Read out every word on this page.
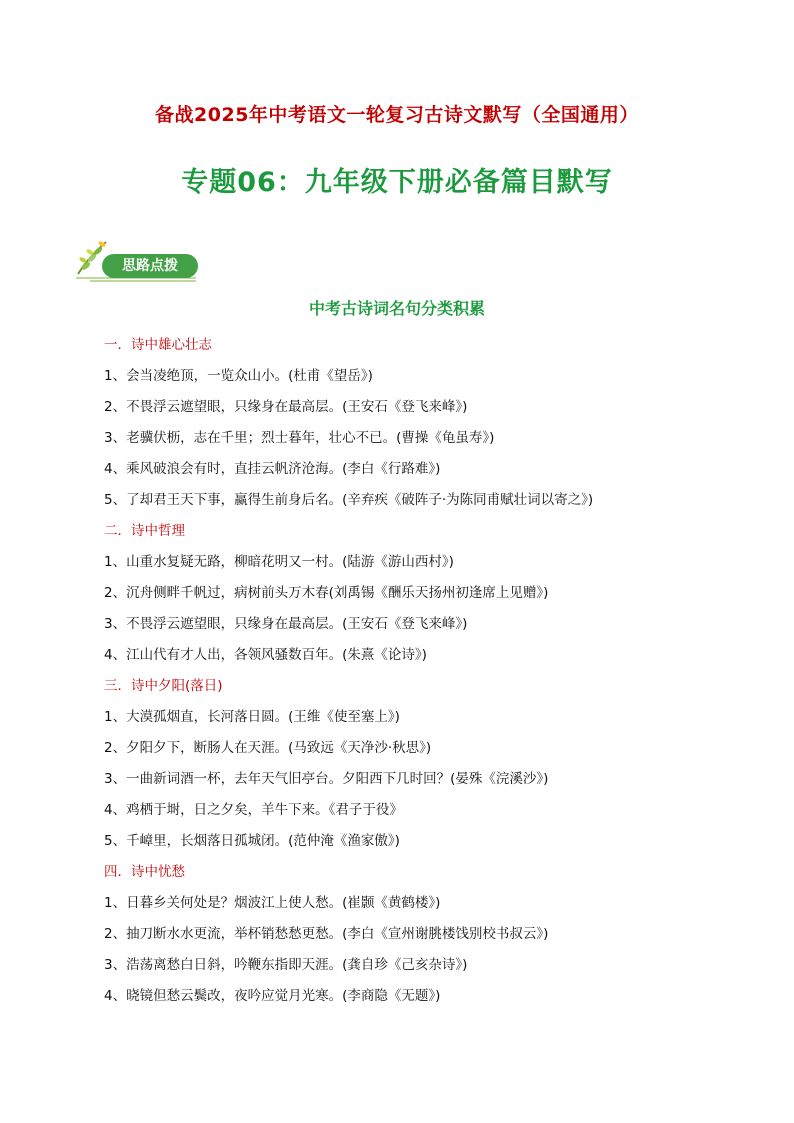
备战2025年中考语文一轮复习古诗文默写（全国通用）
专题06：九年级下册必备篇目默写
思路点拨
中考古诗词名句分类积累
一．诗中雄心壮志
1、会当凌绝顶，一览众山小。(杜甫《望岳》)
2、不畏浮云遮望眼，只缘身在最高层。(王安石《登飞来峰》)
3、老骥伏枥，志在千里；烈士暮年，壮心不已。(曹操《龟虽寿》)
4、乘风破浪会有时，直挂云帆济沧海。(李白《行路难》)
5、了却君王天下事，赢得生前身后名。(辛弃疾《破阵子·为陈同甫赋壮词以寄之》)
二．诗中哲理
1、山重水复疑无路，柳暗花明又一村。(陆游《游山西村》)
2、沉舟侧畔千帆过，病树前头万木春(刘禹锡《酬乐天扬州初逢席上见赠》)
3、不畏浮云遮望眼，只缘身在最高层。(王安石《登飞来峰》)
4、江山代有才人出，各领风骚数百年。(朱熹《论诗》)
三．诗中夕阳(落日)
1、大漠孤烟直，长河落日圆。(王维《使至塞上》)
2、夕阳夕下，断肠人在天涯。(马致远《天净沙·秋思》)
3、一曲新词酒一杯，去年天气旧亭台。夕阳西下几时回？(晏殊《浣溪沙》)
4、鸡栖于埘，日之夕矣，羊牛下来。《君子于役》
5、千嶂里，长烟落日孤城闭。(范仲淹《渔家傲》)
四．诗中忧愁
1、日暮乡关何处是？烟波江上使人愁。(崔颢《黄鹤楼》)
2、抽刀断水水更流，举杯销愁愁更愁。(李白《宣州谢朓楼饯别校书叔云》)
3、浩荡离愁白日斜，吟鞭东指即天涯。(龚自珍《己亥杂诗》)
4、晓镜但愁云鬓改，夜吟应觉月光寒。(李商隐《无题》)
